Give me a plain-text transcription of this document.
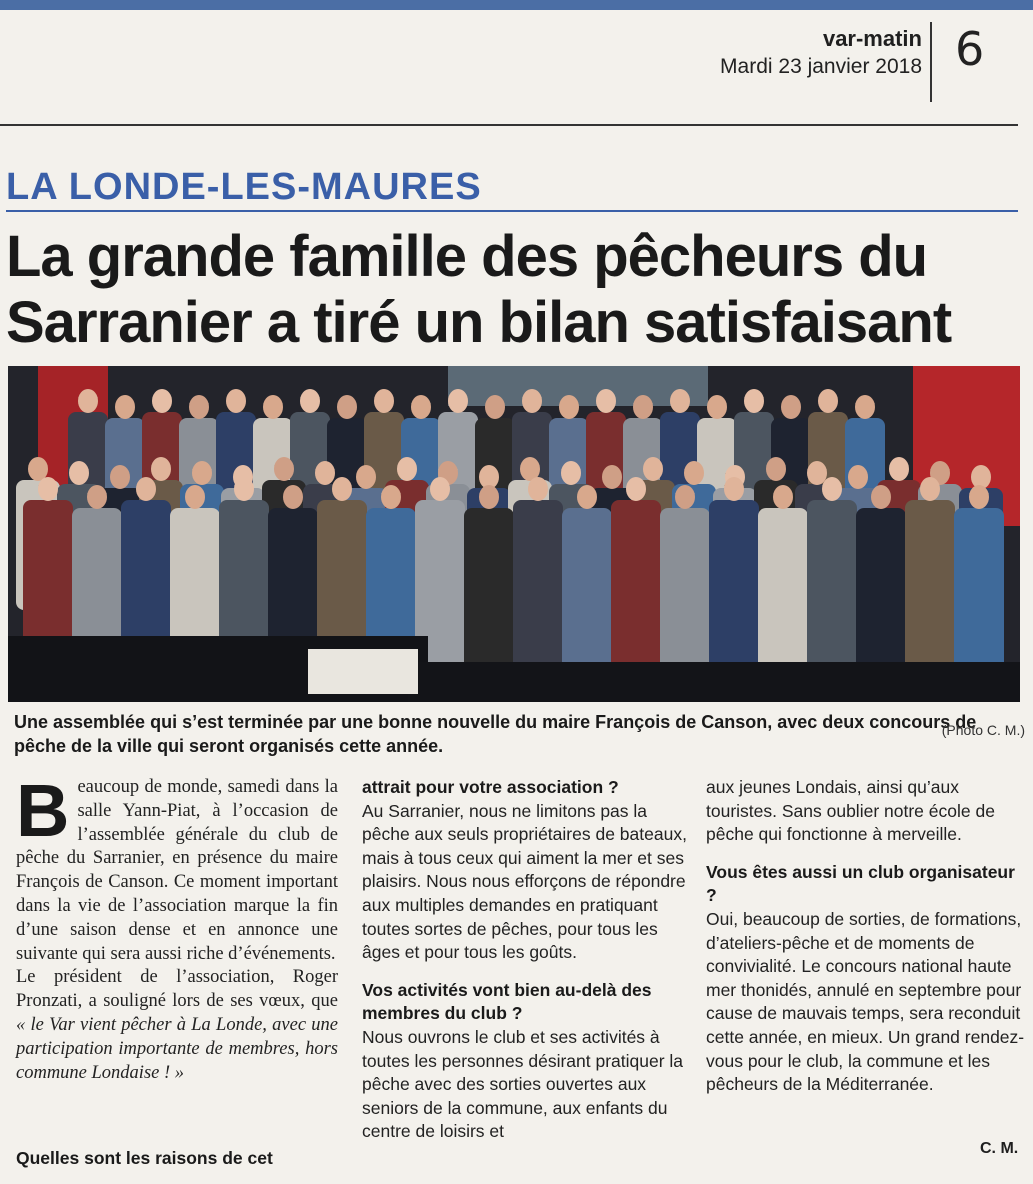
var-matin
Mardi 23 janvier 2018 6
LA LONDE-LES-MAURES
La grande famille des pêcheurs du Sarranier a tiré un bilan satisfaisant
Une assemblée qui s’est terminée par une bonne nouvelle du maire François de Canson, avec deux concours de pêche de la ville qui seront organisés cette année.
(Photo C. M.)

Beaucoup de monde, samedi dans la salle Yann-Piat, à l’occasion de l’assemblée générale du club de pêche du Sarranier, en présence du maire François de Canson. Ce moment important dans la vie de l’association marque la fin d’une saison dense et en annonce une suivante qui sera aussi riche d’événements.

Le président de l’association, Roger Pronzati, a souligné lors de ses vœux, que « le Var vient pêcher à La Londe, avec une participation importante de membres, hors commune Londaise ! »

Quelles sont les raisons de cet

attrait pour votre association ?

Au Sarranier, nous ne limitons pas la pêche aux seuls propriétaires de bateaux, mais à tous ceux qui aiment la mer et ses plaisirs. Nous nous efforçons de répondre aux multiples demandes en pratiquant toutes sortes de pêches, pour tous les âges et pour tous les goûts.

Vos activités vont bien au-delà des membres du club ?

Nous ouvrons le club et ses activités à toutes les personnes désirant pratiquer la pêche avec des sorties ouvertes aux seniors de la commune, aux enfants du centre de loisirs et

aux jeunes Londais, ainsi qu’aux touristes. Sans oublier notre école de pêche qui fonctionne à merveille.

Vous êtes aussi un club organisateur ?

Oui, beaucoup de sorties, de formations, d’ateliers-pêche et de moments de convivialité. Le concours national haute mer thonidés, annulé en septembre pour cause de mauvais temps, sera reconduit cette année, en mieux. Un grand rendez-vous pour le club, la commune et les pêcheurs de la Méditerranée.

C. M.
